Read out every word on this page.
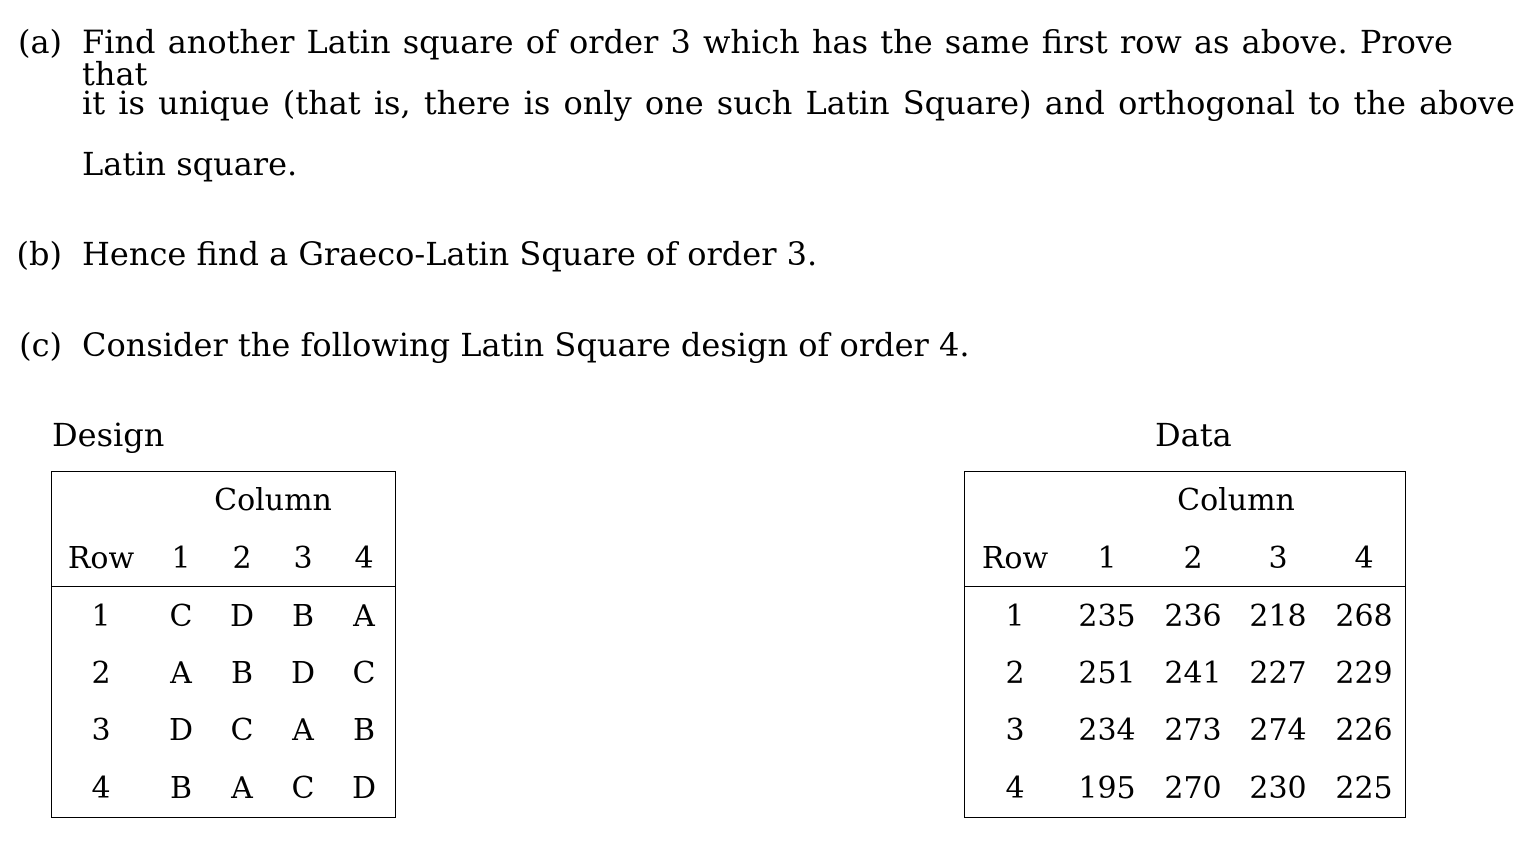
(a) Find another Latin square of order 3 which has the same first row as above. Prove that
it is unique (that is, there is only one such Latin Square) and orthogonal to the above
Latin square.
(b) Hence find a Graeco-Latin Square of order 3.
(c) Consider the following Latin Square design of order 4.
Design
Column
Row 1 2 3 4
1 C D B A
2 A B D C
3 D C A B
4 B A C D
Data
Column
Row 1 2 3 4
1 235 236 218 268
2 251 241 227 229
3 234 273 274 226
4 195 270 230 225
